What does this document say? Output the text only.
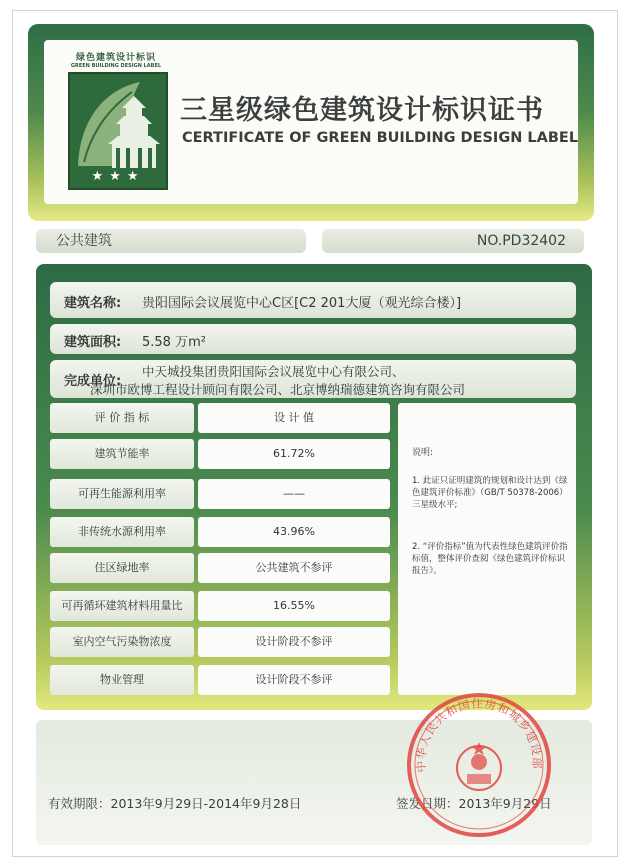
绿色建筑设计标识
GREEN BUILDING DESIGN LABEL
★★★
三星级绿色建筑设计标识证书
CERTIFICATE OF GREEN BUILDING DESIGN LABEL
公共建筑	NO.PD32402
建筑名称: 贵阳国际会议展览中心C区[C2 201大厦（观光综合楼）]
建筑面积: 5.58 万m²
完成单位:
中天城投集团贵阳国际会议展览中心有限公司、
深圳市欧博工程设计顾问有限公司、北京博纳瑞德建筑咨询有限公司
评 价 指 标	设 计 值
建筑节能率	61.72%
可再生能源利用率	——
非传统水源利用率	43.96%
住区绿地率	公共建筑不参评
可再循环建筑材料用量比	16.55%
室内空气污染物浓度	设计阶段不参评
物业管理	设计阶段不参评
说明:
1. 此证只证明建筑的规划和设计达到《绿色建筑评价标准》（GB/T 50378-2006）三星级水平;
2. “评价指标”值为代表性绿色建筑评价指标值，整体评价查阅《绿色建筑评价标识报告》。
有效期限：2013年9月29日-2014年9月28日	签发日期：2013年9月29日
中华人民共和国住房和城乡建设部
